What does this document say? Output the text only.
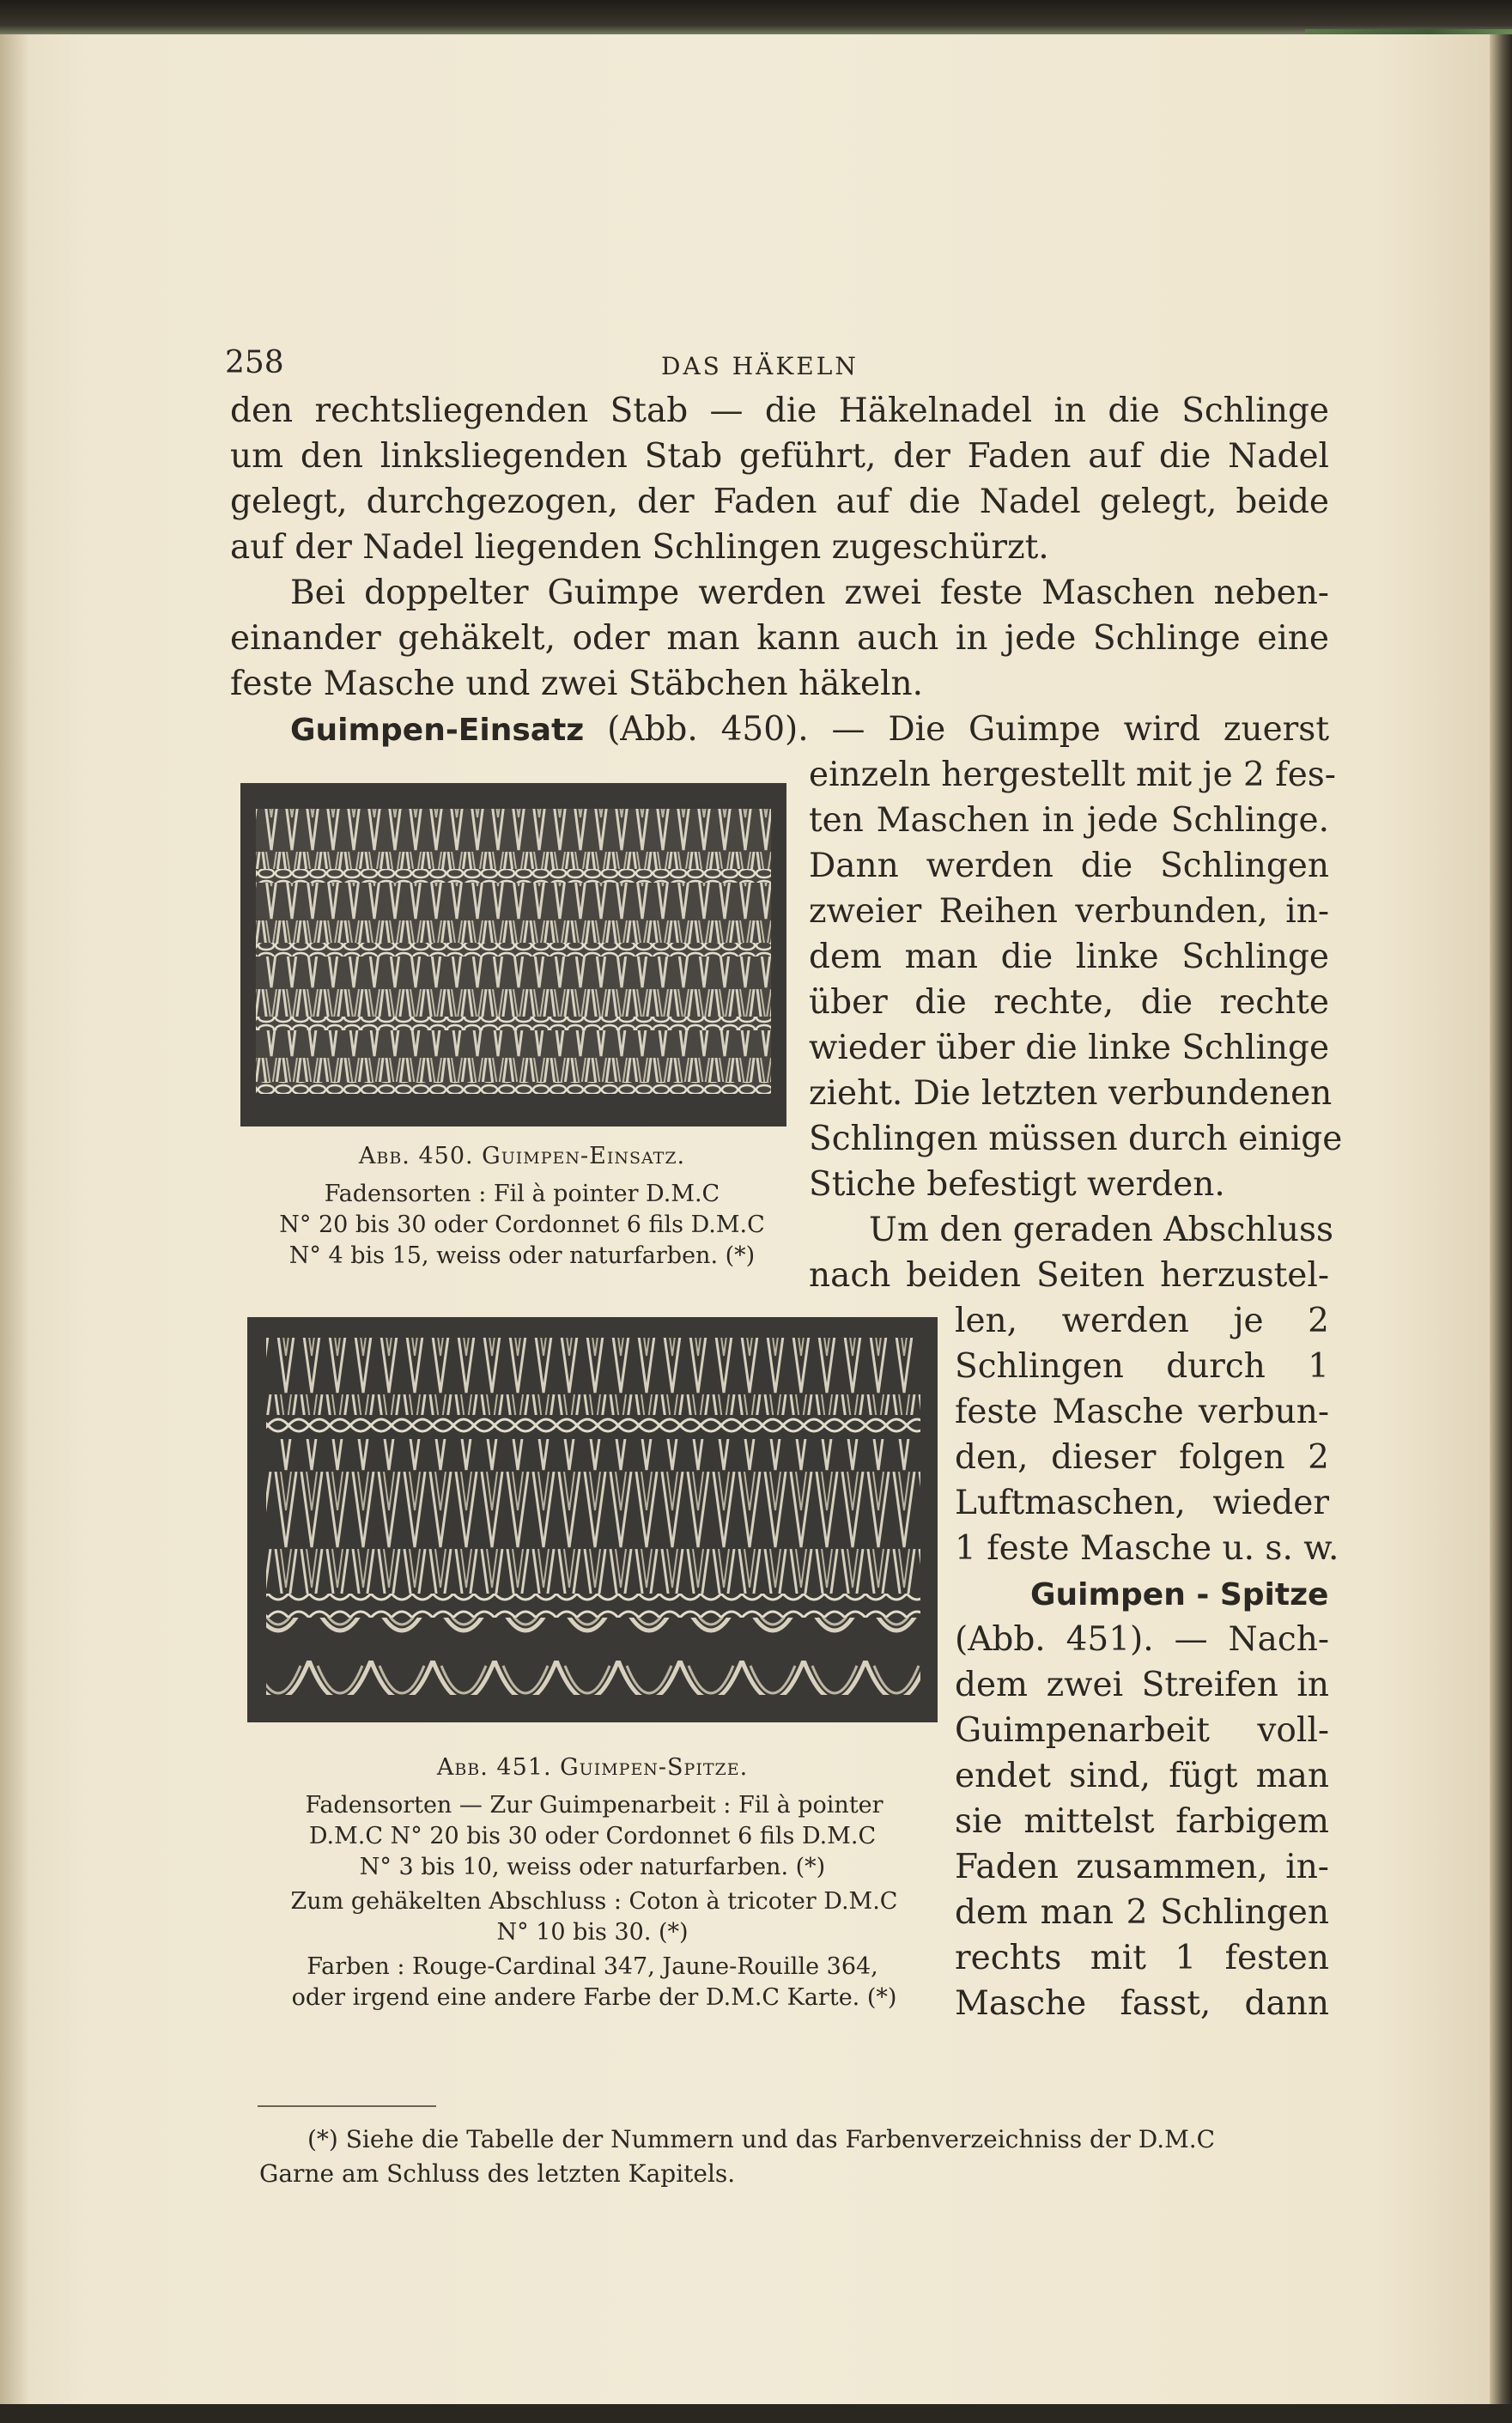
258	DAS HÄKELN
den rechtsliegenden Stab — die Häkelnadel in die Schlinge
um den linksliegenden Stab geführt, der Faden auf die Nadel
gelegt, durchgezogen, der Faden auf die Nadel gelegt, beide
auf der Nadel liegenden Schlingen zugeschürzt.
Bei doppelter Guimpe werden zwei feste Maschen neben-
einander gehäkelt, oder man kann auch in jede Schlinge eine
feste Masche und zwei Stäbchen häkeln.
Guimpen-Einsatz (Abb. 450). — Die Guimpe wird zuerst
Abb. 450. Guimpen-Einsatz.
Fadensorten : Fil à pointer D.M.C
N° 20 bis 30 oder Cordonnet 6 fils D.M.C
N° 4 bis 15, weiss oder naturfarben. (*)
einzeln hergestellt mit je 2 fes-
ten Maschen in jede Schlinge.
Dann werden die Schlingen
zweier Reihen verbunden, in-
dem man die linke Schlinge
über die rechte, die rechte
wieder über die linke Schlinge
zieht. Die letzten verbundenen
Schlingen müssen durch einige
Stiche befestigt werden.
Um den geraden Abschluss
nach beiden Seiten herzustel-
Abb. 451. Guimpen-Spitze.
Fadensorten — Zur Guimpenarbeit : Fil à pointer
D.M.C N° 20 bis 30 oder Cordonnet 6 fils D.M.C
N° 3 bis 10, weiss oder naturfarben. (*)
Zum gehäkelten Abschluss : Coton à tricoter D.M.C
N° 10 bis 30. (*)
Farben : Rouge-Cardinal 347, Jaune-Rouille 364,
oder irgend eine andere Farbe der D.M.C Karte. (*)
len, werden je 2
Schlingen durch 1
feste Masche verbun-
den, dieser folgen 2
Luftmaschen, wieder
1 feste Masche u. s. w.
Guimpen - Spitze
(Abb. 451). — Nach-
dem zwei Streifen in
Guimpenarbeit voll-
endet sind, fügt man
sie mittelst farbigem
Faden zusammen, in-
dem man 2 Schlingen
rechts mit 1 festen
Masche fasst, dann
(*) Siehe die Tabelle der Nummern und das Farbenverzeichniss der D.M.C
Garne am Schluss des letzten Kapitels.
